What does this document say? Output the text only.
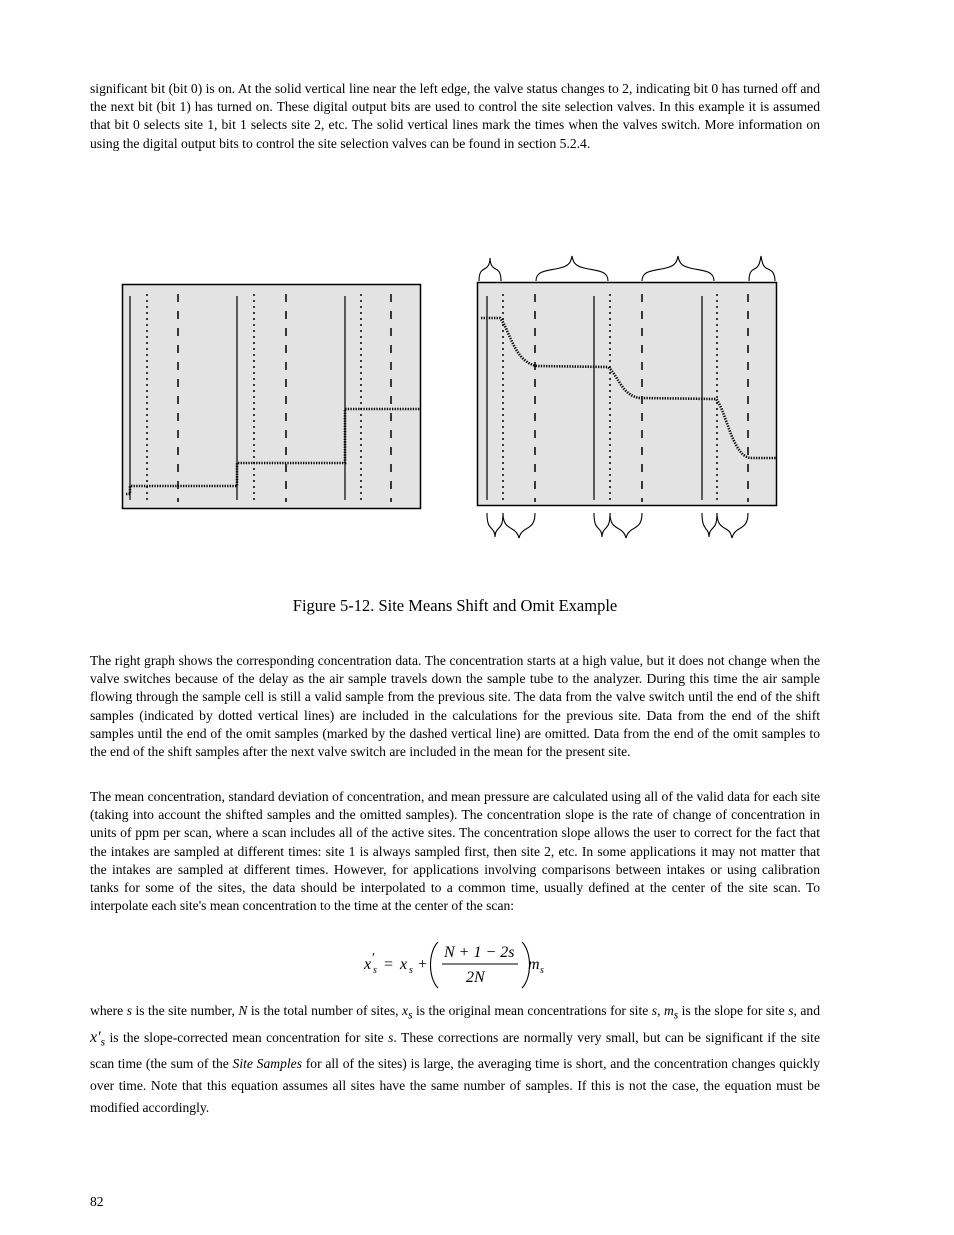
significant bit (bit 0) is on. At the solid vertical line near the left edge, the valve status changes to 2, indicating bit 0 has turned off and the next bit (bit 1) has turned on. These digital output bits are used to control the site selection valves. In this example it is assumed that bit 0 selects site 1, bit 1 selects site 2, etc. The solid vertical lines mark the times when the valves switch. More information on using the digital output bits to control the site selection valves can be found in section 5.2.4.

Figure 5-12. Site Means Shift and Omit Example

The right graph shows the corresponding concentration data. The concentration starts at a high value, but it does not change when the valve switches because of the delay as the air sample travels down the sample tube to the analyzer. During this time the air sample flowing through the sample cell is still a valid sample from the previous site. The data from the valve switch until the end of the shift samples (indicated by dotted vertical lines) are included in the calculations for the previous site. Data from the end of the shift samples until the end of the omit samples (marked by the dashed vertical line) are omitted. Data from the end of the omit samples to the end of the shift samples after the next valve switch are included in the mean for the present site.

The mean concentration, standard deviation of concentration, and mean pressure are calculated using all of the valid data for each site (taking into account the shifted samples and the omitted samples). The concentration slope is the rate of change of concentration in units of ppm per scan, where a scan includes all of the active sites. The concentration slope allows the user to correct for the fact that the intakes are sampled at different times: site 1 is always sampled first, then site 2, etc. In some applications it may not matter that the intakes are sampled at different times. However, for applications involving comparisons between intakes or using calibration tanks for some of the sites, the data should be interpolated to a common time, usually defined at the center of the site scan. To interpolate each site's mean concentration to the time at the center of the scan:

x ′
s = x s +
N + 1 − 2s
2N
m s

where s is the site number, N is the total number of sites, $x_s$ is the original mean concentrations for site s, $m_s$ is the slope for site s, and $x'_s$ is the slope-corrected mean concentration for site s. These corrections are normally very small, but can be significant if the site scan time (the sum of the Site Samples for all of the sites) is large, the averaging time is short, and the concentration changes quickly over time. Note that this equation assumes all sites have the same number of samples. If this is not the case, the equation must be modified accordingly.

82
